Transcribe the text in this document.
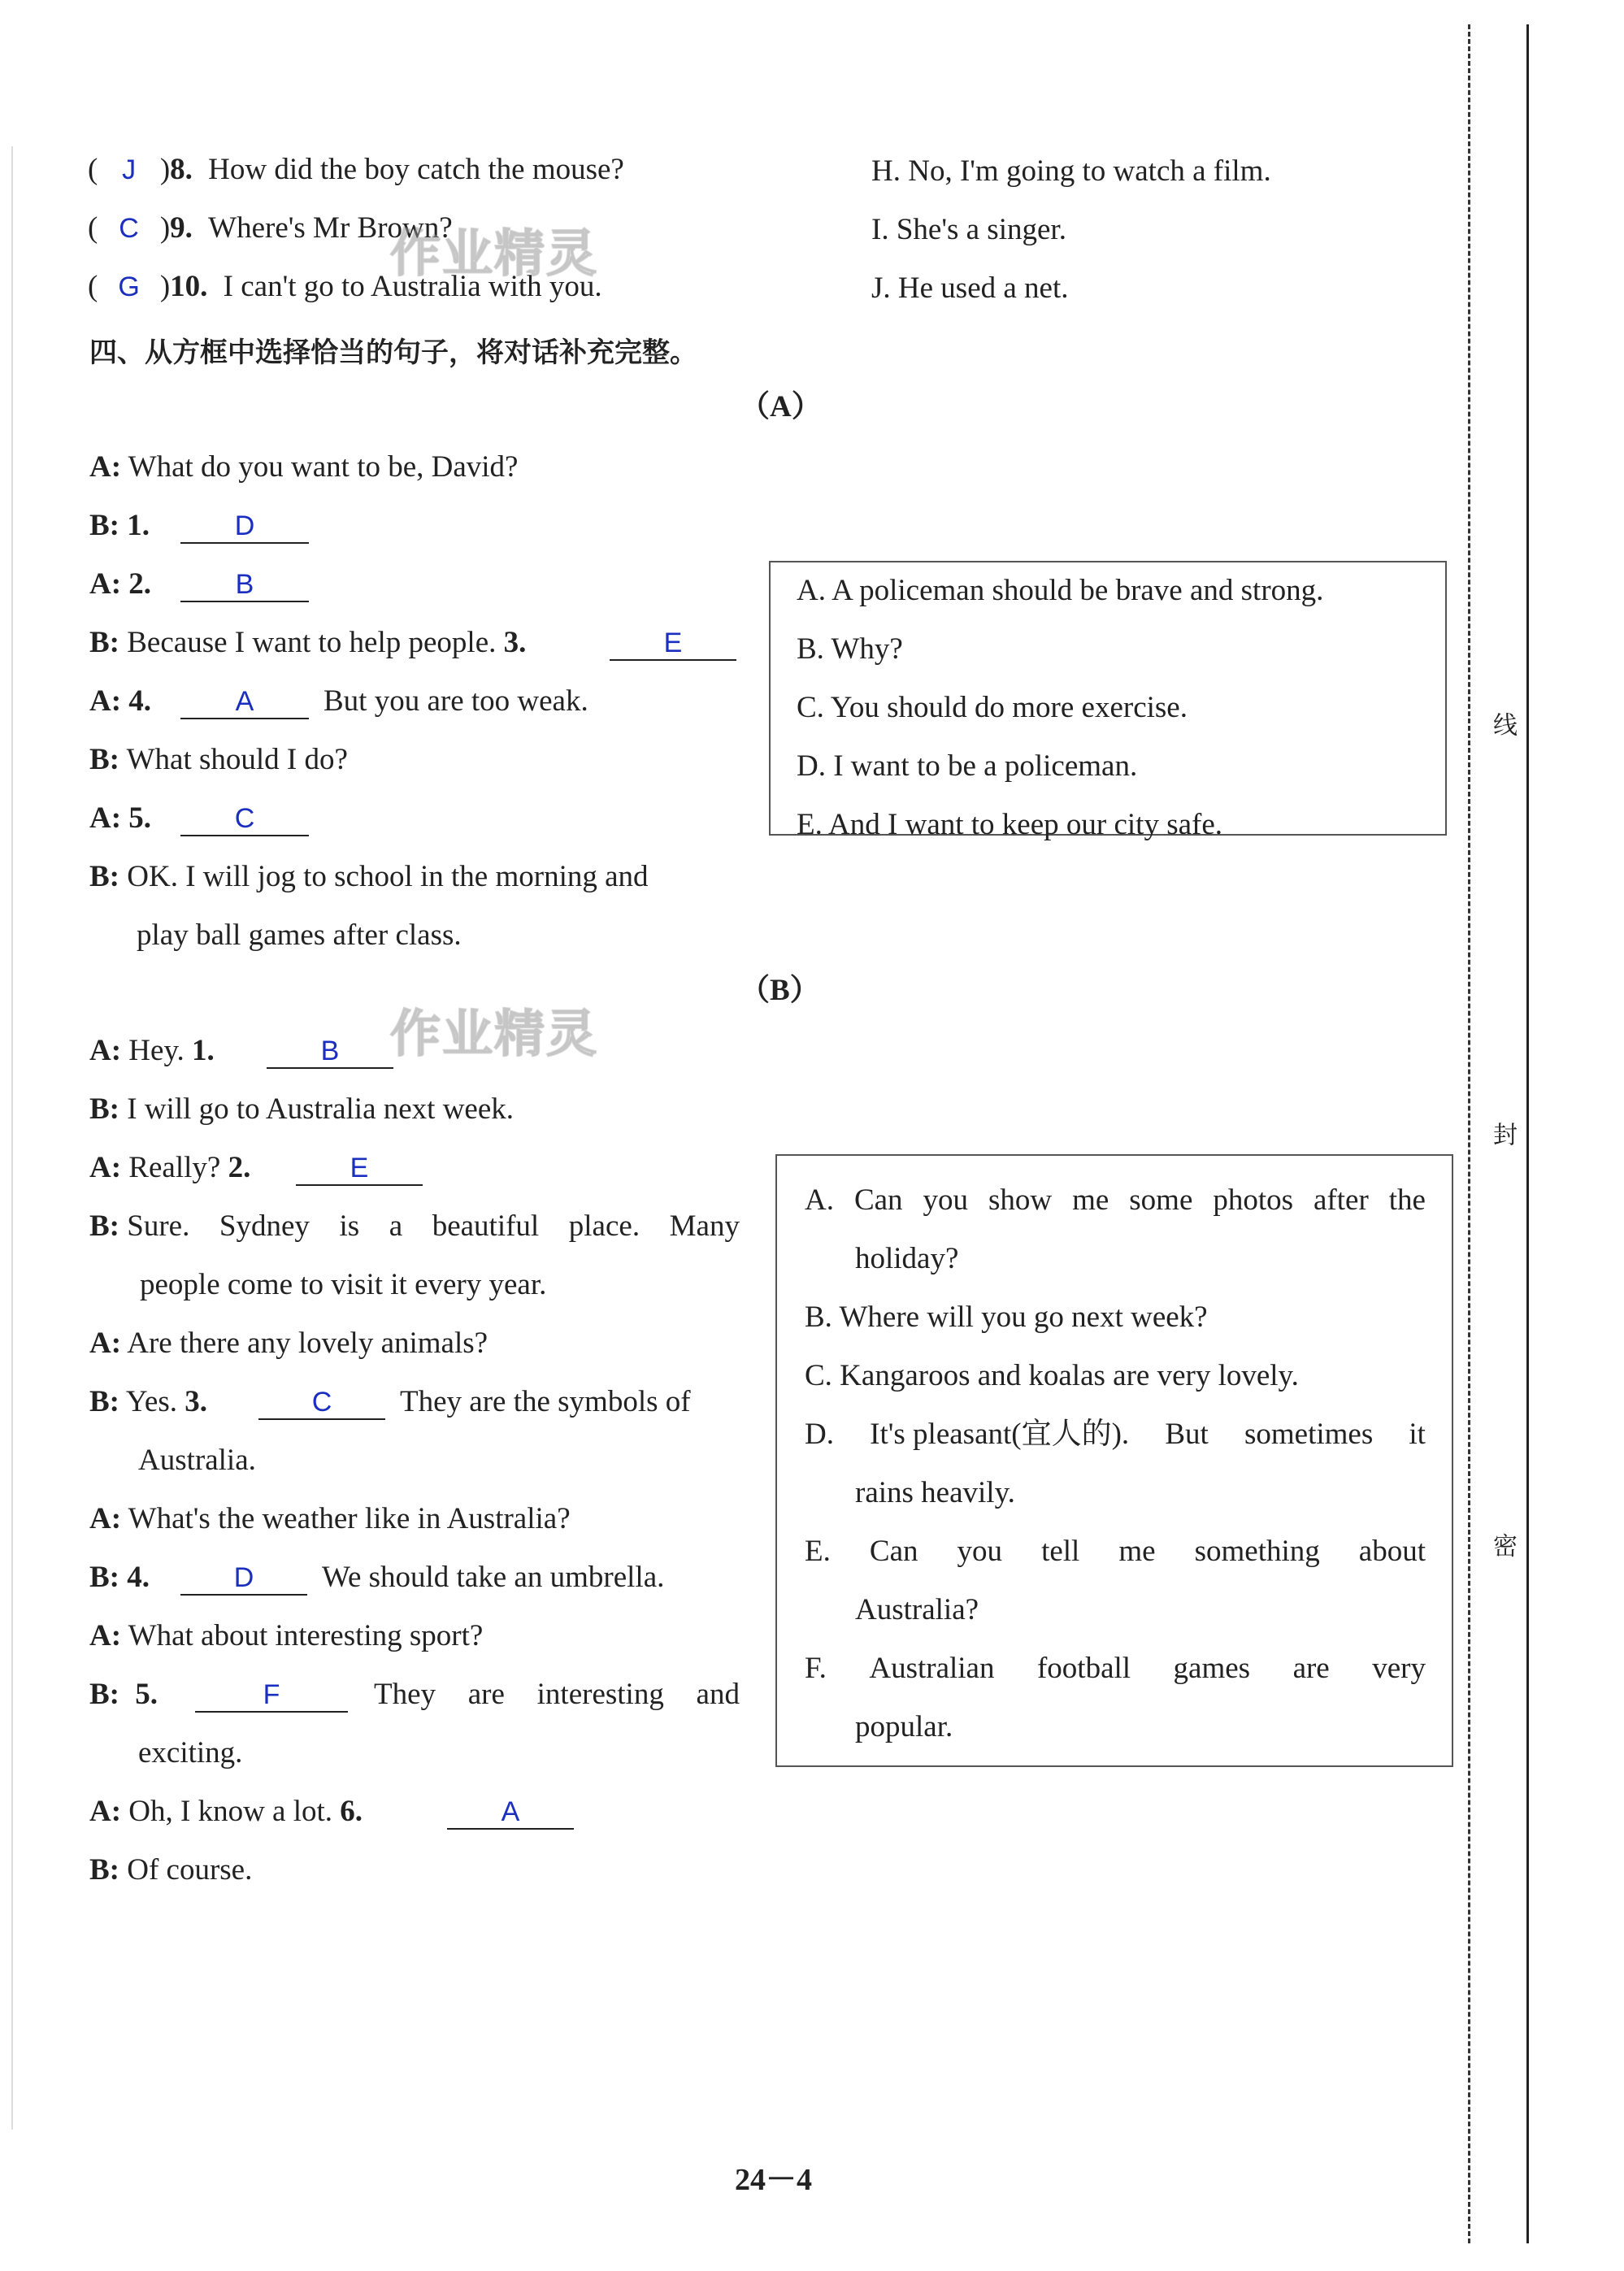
( J )8. How did the boy catch the mouse?
( C )9. Where's Mr Brown?
( G )10. I can't go to Australia with you.
H. No, I'm going to watch a film.
I. She's a singer.
J. He used a net.
四、从方框中选择恰当的句子，将对话补充完整。
（A）
A: What do you want to be, David?
B: 1.	D
A: 2.	B
B: Because I want to help people. 3.	E
A: 4.	A	But you are too weak.
B: What should I do?
A: 5.	C
B: OK. I will jog to school in the morning and
play ball games after class.
A. A policeman should be brave and strong.
B. Why?
C. You should do more exercise.
D. I want to be a policeman.
E. And I want to keep our city safe.
（B）
A: Hey. 1.	B
B: I will go to Australia next week.
A: Really? 2.	E
B: Sure. Sydney is a beautiful place. Many
people come to visit it every year.
A: Are there any lovely animals?
B: Yes. 3.	C	They are the symbols of
Australia.
A: What's the weather like in Australia?
B: 4.	D	We should take an umbrella.
A: What about interesting sport?
B: 5.	F	They are interesting and
exciting.
A: Oh, I know a lot. 6.	A
B: Of course.
A. Can you show me some photos after the
holiday?
B. Where will you go next week?
C. Kangaroos and koalas are very lovely.
D. It's pleasant(宜人的). But sometimes it
rains heavily.
E. Can you tell me something about
Australia?
F. Australian football games are very
popular.
作业精灵
作业精灵
24－4
线
封
密
